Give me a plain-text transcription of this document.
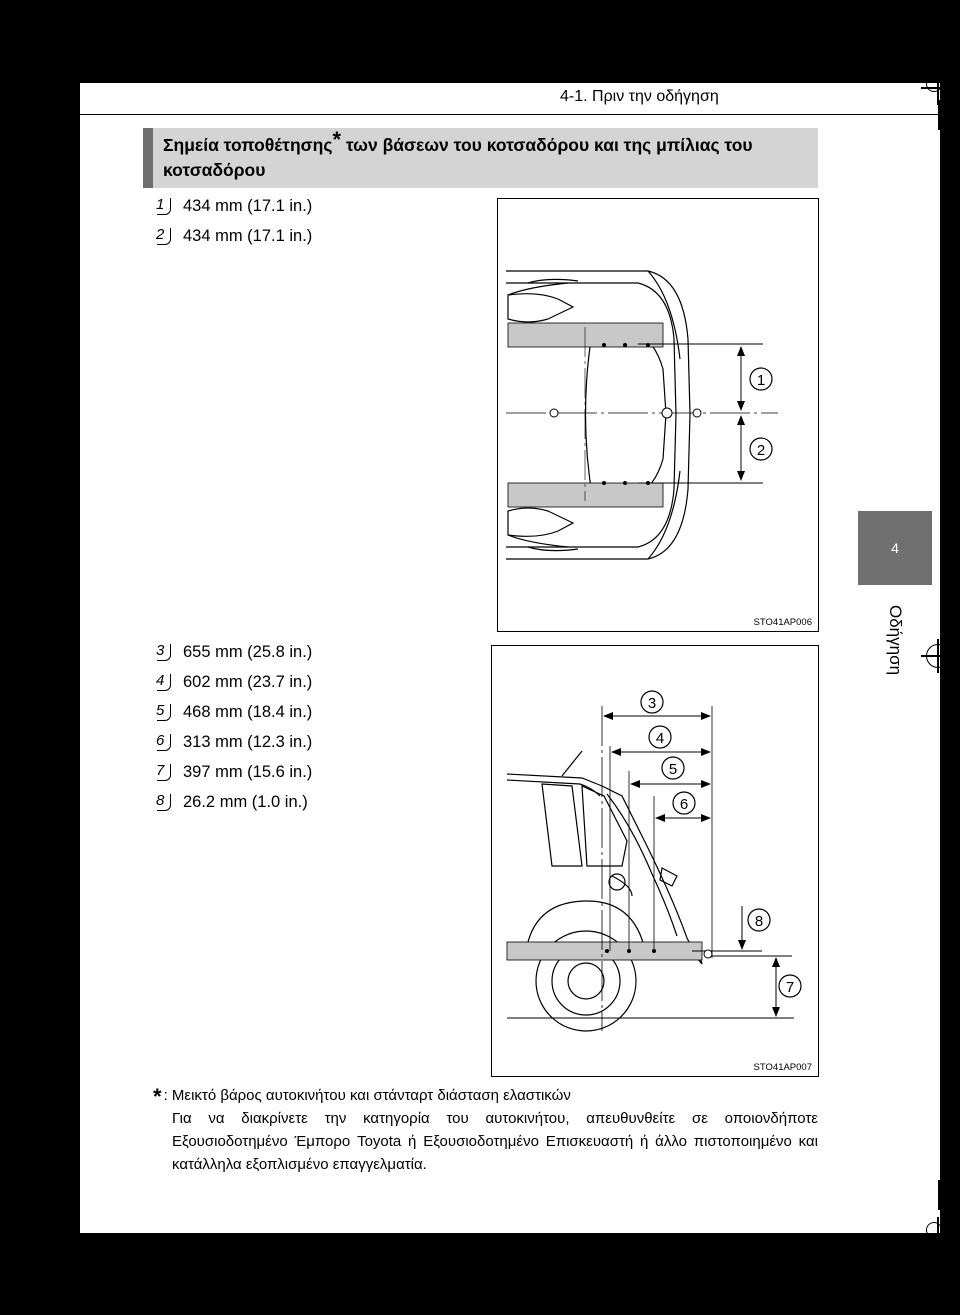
4-1. Πριν την οδήγηση
4
Οδήγηση
Σημεία τοποθέτησης* των βάσεων του κοτσαδόρου και της μπίλιας του κοτσαδόρου
1 434 mm (17.1 in.)
2 434 mm (17.1 in.)
3 655 mm (25.8 in.)
4 602 mm (23.7 in.)
5 468 mm (18.4 in.)
6 313 mm (12.3 in.)
7 397 mm (15.6 in.)
8 26.2 mm (1.0 in.)
1
2
STO41AP006
3
4
5
6
8
7
STO41AP007
* : Μεικτό βάρος αυτοκινήτου και στάνταρτ διάσταση ελαστικών
Για να διακρίνετε την κατηγορία του αυτοκινήτου, απευθυνθείτε σε οποιονδήποτε Εξουσιοδοτημένο Έμπορο Toyota ή Εξουσιοδοτημένο Επισκευαστή ή άλλο πιστοποιημένο και κατάλληλα εξοπλισμένο επαγγελματία.
